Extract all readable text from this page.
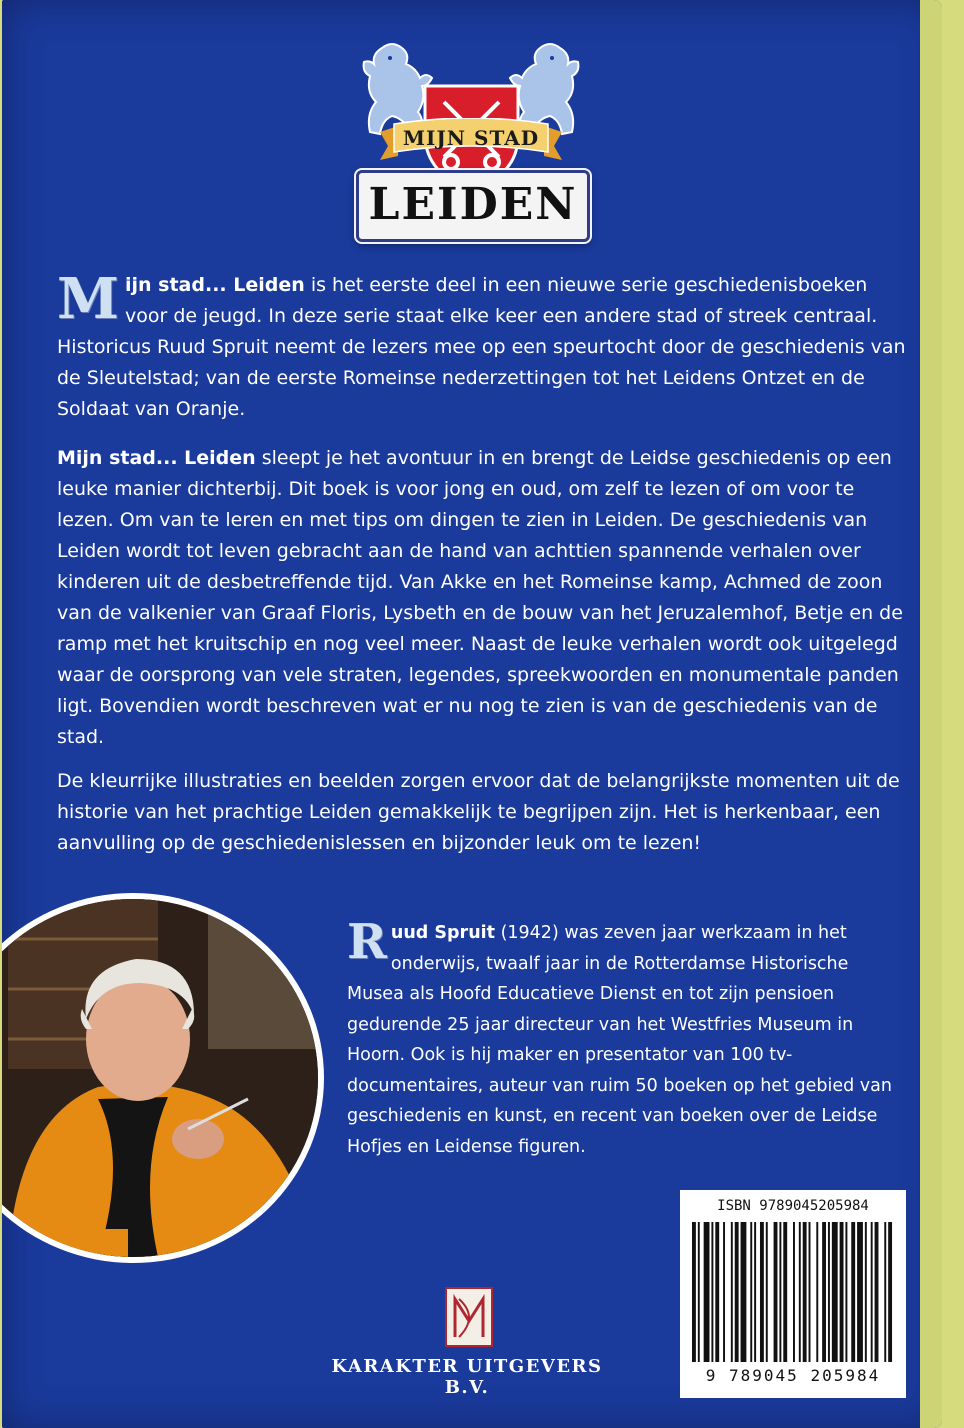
MIJN STAD
LEIDEN

Mijn stad... Leiden is het eerste deel in een nieuwe serie geschiedenisboeken voor de jeugd. In deze serie staat elke keer een andere stad of streek centraal. Historicus Ruud Spruit neemt de lezers mee op een speurtocht door de geschiedenis van de Sleutelstad; van de eerste Romeinse nederzettingen tot het Leidens Ontzet en de Soldaat van Oranje.

Mijn stad... Leiden sleept je het avontuur in en brengt de Leidse geschiedenis op een leuke manier dichterbij. Dit boek is voor jong en oud, om zelf te lezen of om voor te lezen. Om van te leren en met tips om dingen te zien in Leiden. De geschiedenis van Leiden wordt tot leven gebracht aan de hand van achttien spannende verhalen over kinderen uit de desbetreffende tijd. Van Akke en het Romeinse kamp, Achmed de zoon van de valkenier van Graaf Floris, Lysbeth en de bouw van het Jeruzalemhof, Betje en de ramp met het kruitschip en nog veel meer. Naast de leuke verhalen wordt ook uitgelegd waar de oorsprong van vele straten, legendes, spreekwoorden en monumentale panden ligt. Bovendien wordt beschreven wat er nu nog te zien is van de geschiedenis van de stad.

De kleurrijke illustraties en beelden zorgen ervoor dat de belangrijkste momenten uit de historie van het prachtige Leiden gemakkelijk te begrijpen zijn. Het is herkenbaar, een aanvulling op de geschiedenislessen en bijzonder leuk om te lezen!

Ruud Spruit (1942) was zeven jaar werkzaam in het onderwijs, twaalf jaar in de Rotterdamse Historische Musea als Hoofd Educatieve Dienst en tot zijn pensioen gedurende 25 jaar directeur van het Westfries Museum in Hoorn. Ook is hij maker en presentator van 100 tv-documentaires, auteur van ruim 50 boeken op het gebied van geschiedenis en kunst, en recent van boeken over de Leidse Hofjes en Leidense figuren.

ISBN 9789045205984
9 789045 205984
KARAKTER UITGEVERS B.V.
